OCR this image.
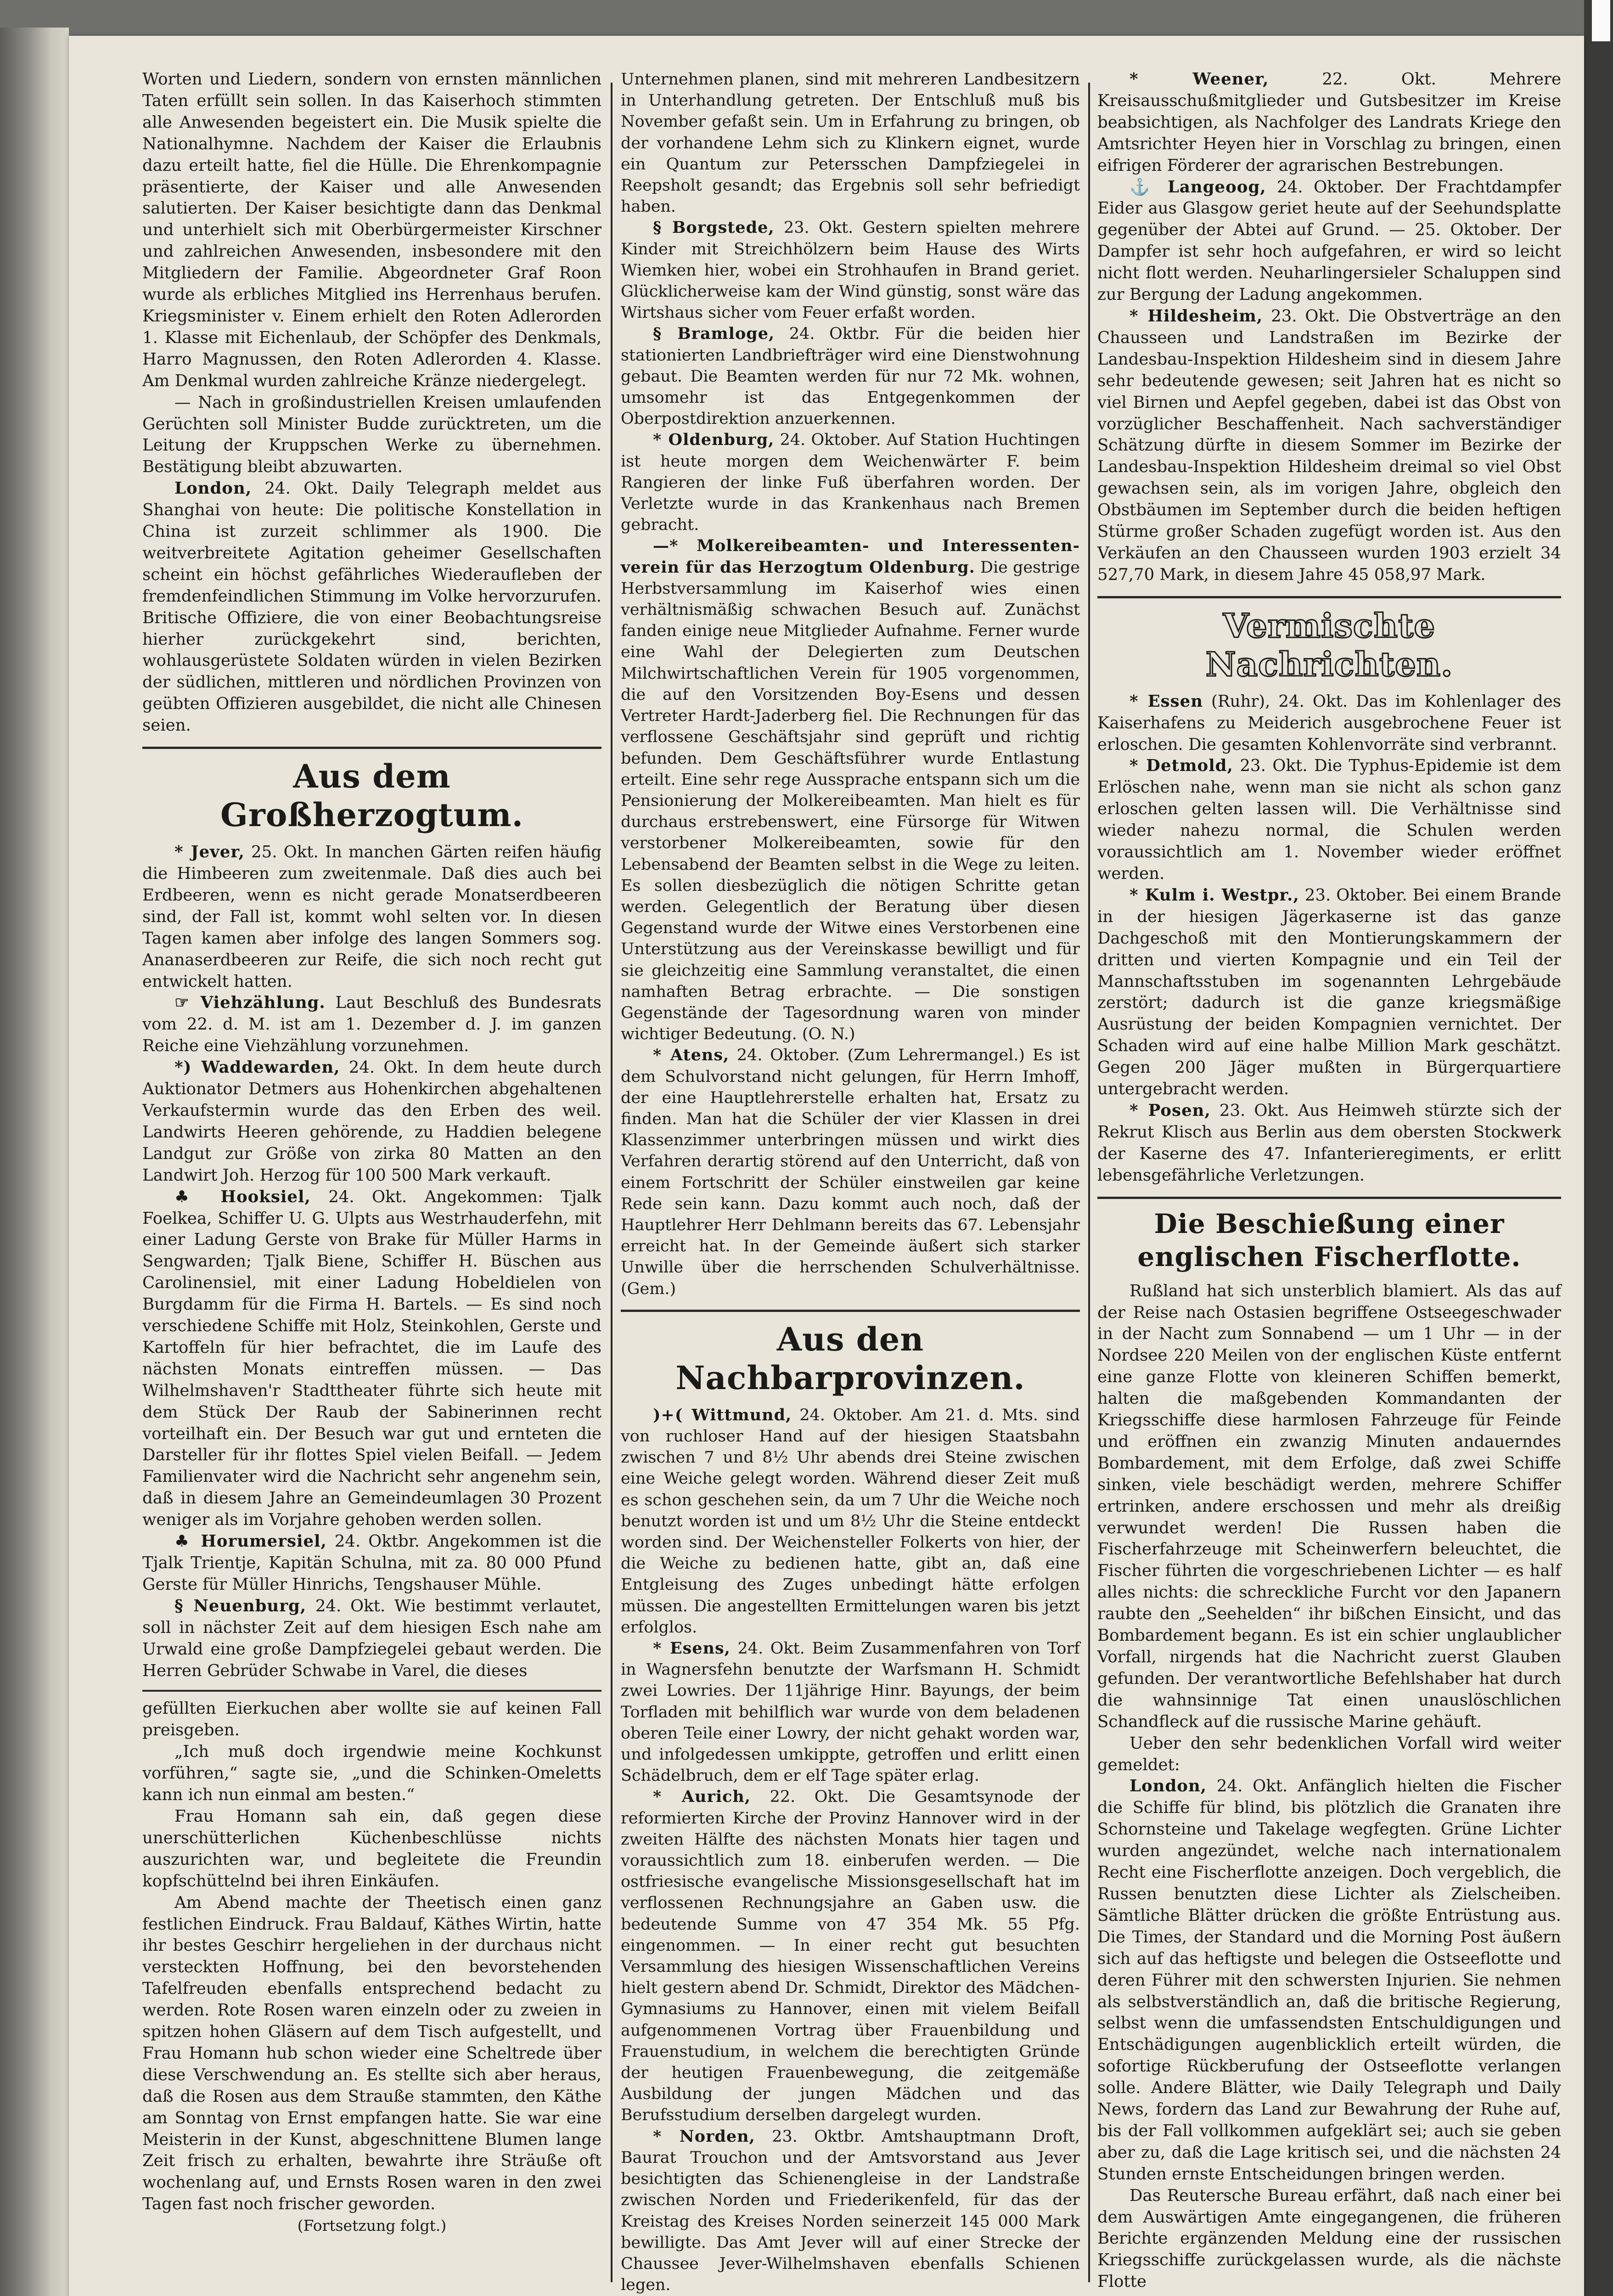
Worten und Liedern, sondern von ernsten männlichen Taten erfüllt sein sollen. In das Kaiserhoch stimmten alle Anwesenden begeistert ein. Die Musik spielte die Nationalhymne. Nachdem der Kaiser die Erlaubnis dazu erteilt hatte, fiel die Hülle. Die Ehrenkompagnie präsentierte, der Kaiser und alle Anwesenden salutierten. Der Kaiser besichtigte dann das Denkmal und unterhielt sich mit Oberbürgermeister Kirschner und zahlreichen Anwesenden, insbesondere mit den Mitgliedern der Familie. Abgeordneter Graf Roon wurde als erbliches Mitglied ins Herrenhaus berufen. Kriegsminister v. Einem erhielt den Roten Adlerorden 1. Klasse mit Eichenlaub, der Schöpfer des Denkmals, Harro Magnussen, den Roten Adlerorden 4. Klasse. Am Denkmal wurden zahlreiche Kränze niedergelegt.

— Nach in großindustriellen Kreisen umlaufenden Gerüchten soll Minister Budde zurücktreten, um die Leitung der Kruppschen Werke zu übernehmen. Bestätigung bleibt abzuwarten.

London, 24. Okt. Daily Telegraph meldet aus Shanghai von heute: Die politische Konstellation in China ist zurzeit schlimmer als 1900. Die weitverbreitete Agitation geheimer Gesellschaften scheint ein höchst gefährliches Wiederaufleben der fremdenfeindlichen Stimmung im Volke hervorzurufen. Britische Offiziere, die von einer Beobachtungsreise hierher zurückgekehrt sind, berichten, wohlausgerüstete Soldaten würden in vielen Bezirken der südlichen, mittleren und nördlichen Provinzen von geübten Offizieren ausgebildet, die nicht alle Chinesen seien.

Aus dem Großherzogtum.

* Jever, 25. Okt. In manchen Gärten reifen häufig die Himbeeren zum zweitenmale. Daß dies auch bei Erdbeeren, wenn es nicht gerade Monatserdbeeren sind, der Fall ist, kommt wohl selten vor. In diesen Tagen kamen aber infolge des langen Sommers sog. Ananaserdbeeren zur Reife, die sich noch recht gut entwickelt hatten.

☞ Viehzählung. Laut Beschluß des Bundesrats vom 22. d. M. ist am 1. Dezember d. J. im ganzen Reiche eine Viehzählung vorzunehmen.

*) Waddewarden, 24. Okt. In dem heute durch Auktionator Detmers aus Hohenkirchen abgehaltenen Verkaufstermin wurde das den Erben des weil. Landwirts Heeren gehörende, zu Haddien belegene Landgut zur Größe von zirka 80 Matten an den Landwirt Joh. Herzog für 100 500 Mark verkauft.

♣ Hooksiel, 24. Okt. Angekommen: Tjalk Foelkea, Schiffer U. G. Ulpts aus Westrhauderfehn, mit einer Ladung Gerste von Brake für Müller Harms in Sengwarden; Tjalk Biene, Schiffer H. Büschen aus Carolinensiel, mit einer Ladung Hobeldielen von Burgdamm für die Firma H. Bartels. — Es sind noch verschiedene Schiffe mit Holz, Steinkohlen, Gerste und Kartoffeln für hier befrachtet, die im Laufe des nächsten Monats eintreffen müssen. — Das Wilhelmshaven'r Stadttheater führte sich heute mit dem Stück Der Raub der Sabinerinnen recht vorteilhaft ein. Der Besuch war gut und ernteten die Darsteller für ihr flottes Spiel vielen Beifall. — Jedem Familienvater wird die Nachricht sehr angenehm sein, daß in diesem Jahre an Gemeindeumlagen 30 Prozent weniger als im Vorjahre gehoben werden sollen.

♣ Horumersiel, 24. Oktbr. Angekommen ist die Tjalk Trientje, Kapitän Schulna, mit za. 80 000 Pfund Gerste für Müller Hinrichs, Tengshauser Mühle.

§ Neuenburg, 24. Okt. Wie bestimmt verlautet, soll in nächster Zeit auf dem hiesigen Esch nahe am Urwald eine große Dampfziegelei gebaut werden. Die Herren Gebrüder Schwabe in Varel, die dieses

gefüllten Eierkuchen aber wollte sie auf keinen Fall preisgeben.

„Ich muß doch irgendwie meine Kochkunst vorführen,“ sagte sie, „und die Schinken-Omeletts kann ich nun einmal am besten.“

Frau Homann sah ein, daß gegen diese unerschütterlichen Küchenbeschlüsse nichts auszurichten war, und begleitete die Freundin kopfschüttelnd bei ihren Einkäufen.

Am Abend machte der Theetisch einen ganz festlichen Eindruck. Frau Baldauf, Käthes Wirtin, hatte ihr bestes Geschirr hergeliehen in der durchaus nicht versteckten Hoffnung, bei den bevorstehenden Tafelfreuden ebenfalls entsprechend bedacht zu werden. Rote Rosen waren einzeln oder zu zweien in spitzen hohen Gläsern auf dem Tisch aufgestellt, und Frau Homann hub schon wieder eine Scheltrede über diese Verschwendung an. Es stellte sich aber heraus, daß die Rosen aus dem Strauße stammten, den Käthe am Sonntag von Ernst empfangen hatte. Sie war eine Meisterin in der Kunst, abgeschnittene Blumen lange Zeit frisch zu erhalten, bewahrte ihre Sträuße oft wochenlang auf, und Ernsts Rosen waren in den zwei Tagen fast noch frischer geworden.

(Fortsetzung folgt.)

Unternehmen planen, sind mit mehreren Landbesitzern in Unterhandlung getreten. Der Entschluß muß bis November gefaßt sein. Um in Erfahrung zu bringen, ob der vorhandene Lehm sich zu Klinkern eignet, wurde ein Quantum zur Petersschen Dampfziegelei in Reepsholt gesandt; das Ergebnis soll sehr befriedigt haben.

§ Borgstede, 23. Okt. Gestern spielten mehrere Kinder mit Streichhölzern beim Hause des Wirts Wiemken hier, wobei ein Strohhaufen in Brand geriet. Glücklicherweise kam der Wind günstig, sonst wäre das Wirtshaus sicher vom Feuer erfaßt worden.

§ Bramloge, 24. Oktbr. Für die beiden hier stationierten Landbriefträger wird eine Dienstwohnung gebaut. Die Beamten werden für nur 72 Mk. wohnen, umsomehr ist das Entgegenkommen der Oberpostdirektion anzuerkennen.

* Oldenburg, 24. Oktober. Auf Station Huchtingen ist heute morgen dem Weichenwärter F. beim Rangieren der linke Fuß überfahren worden. Der Verletzte wurde in das Krankenhaus nach Bremen gebracht.

—* Molkereibeamten- und Interessenten-verein für das Herzogtum Oldenburg. Die gestrige Herbstversammlung im Kaiserhof wies einen verhältnismäßig schwachen Besuch auf. Zunächst fanden einige neue Mitglieder Aufnahme. Ferner wurde eine Wahl der Delegierten zum Deutschen Milchwirtschaftlichen Verein für 1905 vorgenommen, die auf den Vorsitzenden Boy-Esens und dessen Vertreter Hardt-Jaderberg fiel. Die Rechnungen für das verflossene Geschäftsjahr sind geprüft und richtig befunden. Dem Geschäftsführer wurde Entlastung erteilt. Eine sehr rege Aussprache entspann sich um die Pensionierung der Molkereibeamten. Man hielt es für durchaus erstrebenswert, eine Fürsorge für Witwen verstorbener Molkereibeamten, sowie für den Lebensabend der Beamten selbst in die Wege zu leiten. Es sollen diesbezüglich die nötigen Schritte getan werden. Gelegentlich der Beratung über diesen Gegenstand wurde der Witwe eines Verstorbenen eine Unterstützung aus der Vereinskasse bewilligt und für sie gleichzeitig eine Sammlung veranstaltet, die einen namhaften Betrag erbrachte. — Die sonstigen Gegenstände der Tagesordnung waren von minder wichtiger Bedeutung. (O. N.)

* Atens, 24. Oktober. (Zum Lehrermangel.) Es ist dem Schulvorstand nicht gelungen, für Herrn Imhoff, der eine Hauptlehrerstelle erhalten hat, Ersatz zu finden. Man hat die Schüler der vier Klassen in drei Klassenzimmer unterbringen müssen und wirkt dies Verfahren derartig störend auf den Unterricht, daß von einem Fortschritt der Schüler einstweilen gar keine Rede sein kann. Dazu kommt auch noch, daß der Hauptlehrer Herr Dehlmann bereits das 67. Lebensjahr erreicht hat. In der Gemeinde äußert sich starker Unwille über die herrschenden Schulverhältnisse. (Gem.)

Aus den Nachbarprovinzen.

)+( Wittmund, 24. Oktober. Am 21. d. Mts. sind von ruchloser Hand auf der hiesigen Staatsbahn zwischen 7 und 8½ Uhr abends drei Steine zwischen eine Weiche gelegt worden. Während dieser Zeit muß es schon geschehen sein, da um 7 Uhr die Weiche noch benutzt worden ist und um 8½ Uhr die Steine entdeckt worden sind. Der Weichensteller Folkerts von hier, der die Weiche zu bedienen hatte, gibt an, daß eine Entgleisung des Zuges unbedingt hätte erfolgen müssen. Die angestellten Ermittelungen waren bis jetzt erfolglos.

* Esens, 24. Okt. Beim Zusammenfahren von Torf in Wagnersfehn benutzte der Warfsmann H. Schmidt zwei Lowries. Der 11jährige Hinr. Bayungs, der beim Torfladen mit behilflich war wurde von dem beladenen oberen Teile einer Lowry, der nicht gehakt worden war, und infolgedessen umkippte, getroffen und erlitt einen Schädelbruch, dem er elf Tage später erlag.

* Aurich, 22. Okt. Die Gesamtsynode der reformierten Kirche der Provinz Hannover wird in der zweiten Hälfte des nächsten Monats hier tagen und voraussichtlich zum 18. einberufen werden. — Die ostfriesische evangelische Missionsgesellschaft hat im verflossenen Rechnungsjahre an Gaben usw. die bedeutende Summe von 47 354 Mk. 55 Pfg. eingenommen. — In einer recht gut besuchten Versammlung des hiesigen Wissenschaftlichen Vereins hielt gestern abend Dr. Schmidt, Direktor des Mädchen-Gymnasiums zu Hannover, einen mit vielem Beifall aufgenommenen Vortrag über Frauenbildung und Frauenstudium, in welchem die berechtigten Gründe der heutigen Frauenbewegung, die zeitgemäße Ausbildung der jungen Mädchen und das Berufsstudium derselben dargelegt wurden.

* Norden, 23. Oktbr. Amtshauptmann Droft, Baurat Trouchon und der Amtsvorstand aus Jever besichtigten das Schienengleise in der Landstraße zwischen Norden und Friederikenfeld, für das der Kreistag des Kreises Norden seinerzeit 145 000 Mark bewilligte. Das Amt Jever will auf einer Strecke der Chaussee Jever-Wilhelmshaven ebenfalls Schienen legen.

* Weener, 22. Okt. Mehrere Kreisausschußmitglieder und Gutsbesitzer im Kreise beabsichtigen, als Nachfolger des Landrats Kriege den Amtsrichter Heyen hier in Vorschlag zu bringen, einen eifrigen Förderer der agrarischen Bestrebungen.

⚓ Langeoog, 24. Oktober. Der Frachtdampfer Eider aus Glasgow geriet heute auf der Seehundsplatte gegenüber der Abtei auf Grund. — 25. Oktober. Der Dampfer ist sehr hoch aufgefahren, er wird so leicht nicht flott werden. Neuharlingersieler Schaluppen sind zur Bergung der Ladung angekommen.

* Hildesheim, 23. Okt. Die Obstverträge an den Chausseen und Landstraßen im Bezirke der Landesbau-Inspektion Hildesheim sind in diesem Jahre sehr bedeutende gewesen; seit Jahren hat es nicht so viel Birnen und Aepfel gegeben, dabei ist das Obst von vorzüglicher Beschaffenheit. Nach sachverständiger Schätzung dürfte in diesem Sommer im Bezirke der Landesbau-Inspektion Hildesheim dreimal so viel Obst gewachsen sein, als im vorigen Jahre, obgleich den Obstbäumen im September durch die beiden heftigen Stürme großer Schaden zugefügt worden ist. Aus den Verkäufen an den Chausseen wurden 1903 erzielt 34 527,70 Mark, in diesem Jahre 45 058,97 Mark.

Vermischte Nachrichten.

* Essen (Ruhr), 24. Okt. Das im Kohlenlager des Kaiserhafens zu Meiderich ausgebrochene Feuer ist erloschen. Die gesamten Kohlenvorräte sind verbrannt.

* Detmold, 23. Okt. Die Typhus-Epidemie ist dem Erlöschen nahe, wenn man sie nicht als schon ganz erloschen gelten lassen will. Die Verhältnisse sind wieder nahezu normal, die Schulen werden voraussichtlich am 1. November wieder eröffnet werden.

* Kulm i. Westpr., 23. Oktober. Bei einem Brande in der hiesigen Jägerkaserne ist das ganze Dachgeschoß mit den Montierungskammern der dritten und vierten Kompagnie und ein Teil der Mannschaftsstuben im sogenannten Lehrgebäude zerstört; dadurch ist die ganze kriegsmäßige Ausrüstung der beiden Kompagnien vernichtet. Der Schaden wird auf eine halbe Million Mark geschätzt. Gegen 200 Jäger mußten in Bürgerquartiere untergebracht werden.

* Posen, 23. Okt. Aus Heimweh stürzte sich der Rekrut Klisch aus Berlin aus dem obersten Stockwerk der Kaserne des 47. Infanterieregiments, er erlitt lebensgefährliche Verletzungen.

Die Beschießung einer englischen Fischerflotte.

Rußland hat sich unsterblich blamiert. Als das auf der Reise nach Ostasien begriffene Ostseegeschwader in der Nacht zum Sonnabend — um 1 Uhr — in der Nordsee 220 Meilen von der englischen Küste entfernt eine ganze Flotte von kleineren Schiffen bemerkt, halten die maßgebenden Kommandanten der Kriegsschiffe diese harmlosen Fahrzeuge für Feinde und eröffnen ein zwanzig Minuten andauerndes Bombardement, mit dem Erfolge, daß zwei Schiffe sinken, viele beschädigt werden, mehrere Schiffer ertrinken, andere erschossen und mehr als dreißig verwundet werden! Die Russen haben die Fischerfahrzeuge mit Scheinwerfern beleuchtet, die Fischer führten die vorgeschriebenen Lichter — es half alles nichts: die schreckliche Furcht vor den Japanern raubte den „Seehelden“ ihr bißchen Einsicht, und das Bombardement begann. Es ist ein schier unglaublicher Vorfall, nirgends hat die Nachricht zuerst Glauben gefunden. Der verantwortliche Befehlshaber hat durch die wahnsinnige Tat einen unauslöschlichen Schandfleck auf die russische Marine gehäuft.

Ueber den sehr bedenklichen Vorfall wird weiter gemeldet:

London, 24. Okt. Anfänglich hielten die Fischer die Schiffe für blind, bis plötzlich die Granaten ihre Schornsteine und Takelage wegfegten. Grüne Lichter wurden angezündet, welche nach internationalem Recht eine Fischerflotte anzeigen. Doch vergeblich, die Russen benutzten diese Lichter als Zielscheiben. Sämtliche Blätter drücken die größte Entrüstung aus. Die Times, der Standard und die Morning Post äußern sich auf das heftigste und belegen die Ostseeflotte und deren Führer mit den schwersten Injurien. Sie nehmen als selbstverständlich an, daß die britische Regierung, selbst wenn die umfassendsten Entschuldigungen und Entschädigungen augenblicklich erteilt würden, die sofortige Rückberufung der Ostseeflotte verlangen solle. Andere Blätter, wie Daily Telegraph und Daily News, fordern das Land zur Bewahrung der Ruhe auf, bis der Fall vollkommen aufgeklärt sei; auch sie geben aber zu, daß die Lage kritisch sei, und die nächsten 24 Stunden ernste Entscheidungen bringen werden.

Das Reutersche Bureau erfährt, daß nach einer bei dem Auswärtigen Amte eingegangenen, die früheren Berichte ergänzenden Meldung eine der russischen Kriegsschiffe zurückgelassen wurde, als die nächste Flotte
